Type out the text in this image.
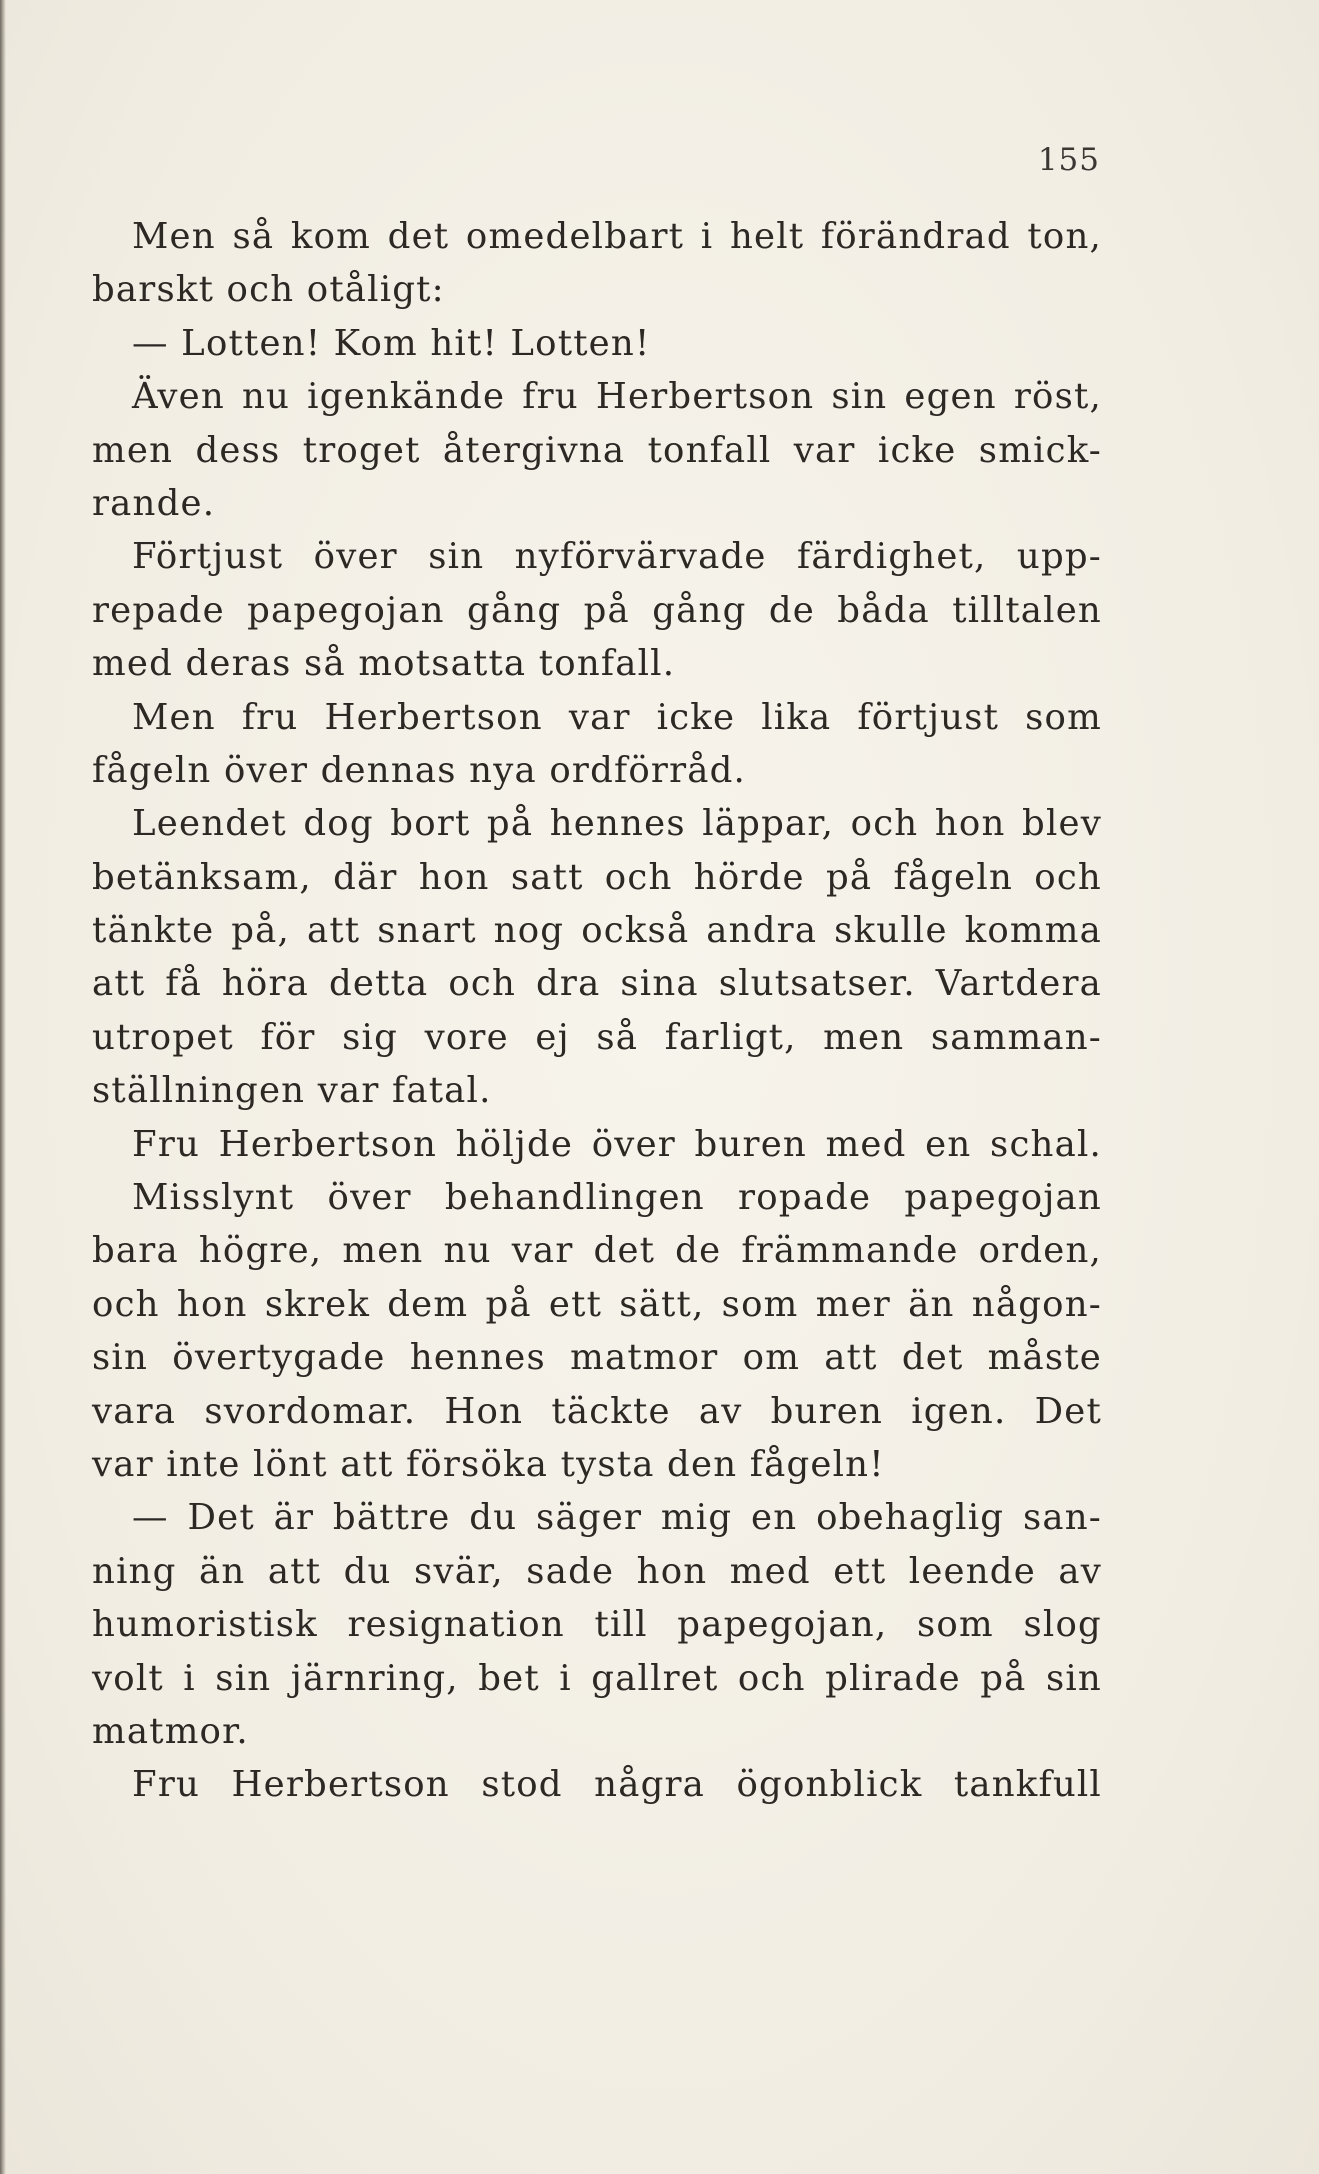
155
Men så kom det omedelbart i helt förändrad ton,
barskt och otåligt:
— Lotten! Kom hit! Lotten!
Även nu igenkände fru Herbertson sin egen röst,
men dess troget återgivna tonfall var icke smick-
rande.
Förtjust över sin nyförvärvade färdighet, upp-
repade papegojan gång på gång de båda tilltalen
med deras så motsatta tonfall.
Men fru Herbertson var icke lika förtjust som
fågeln över dennas nya ordförråd.
Leendet dog bort på hennes läppar, och hon blev
betänksam, där hon satt och hörde på fågeln och
tänkte på, att snart nog också andra skulle komma
att få höra detta och dra sina slutsatser. Vartdera
utropet för sig vore ej så farligt, men samman-
ställningen var fatal.
Fru Herbertson höljde över buren med en schal.
Misslynt över behandlingen ropade papegojan
bara högre, men nu var det de främmande orden,
och hon skrek dem på ett sätt, som mer än någon-
sin övertygade hennes matmor om att det måste
vara svordomar. Hon täckte av buren igen. Det
var inte lönt att försöka tysta den fågeln!
— Det är bättre du säger mig en obehaglig san-
ning än att du svär, sade hon med ett leende av
humoristisk resignation till papegojan, som slog
volt i sin järnring, bet i gallret och plirade på sin
matmor.
Fru Herbertson stod några ögonblick tankfull
